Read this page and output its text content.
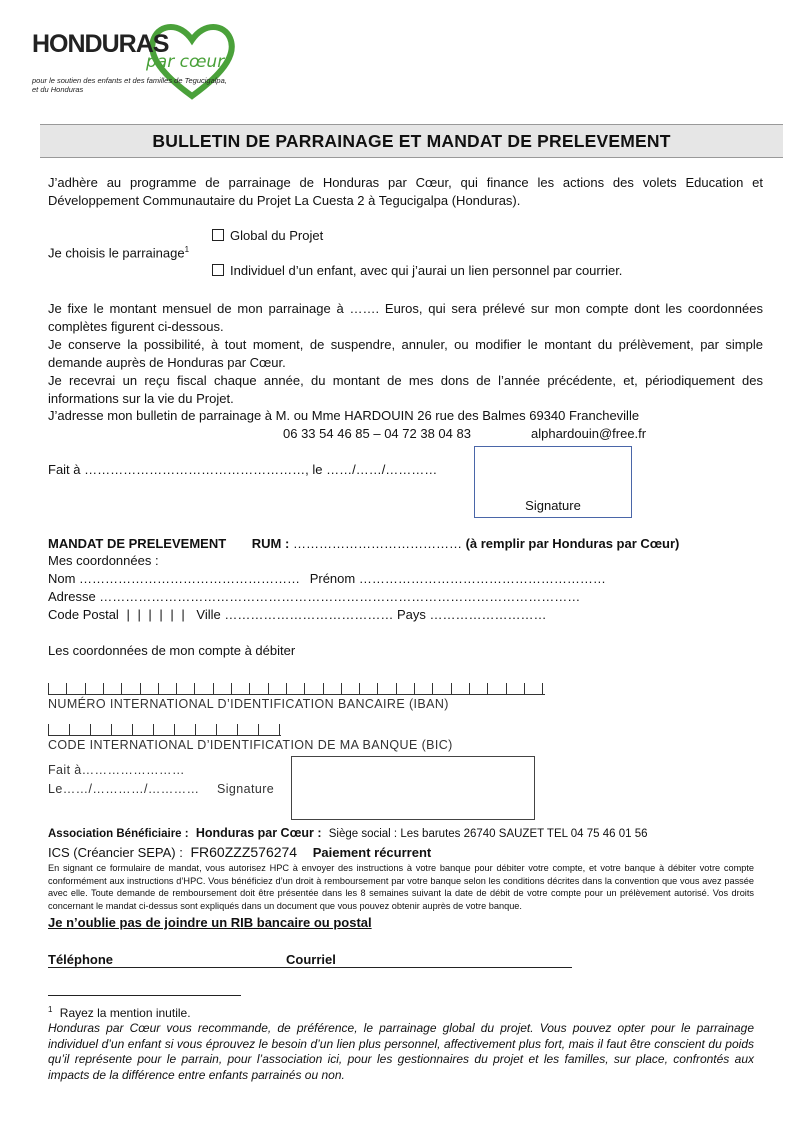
HONDURAS
par cœur
pour le soutien des enfants et des familles de Tegucigalpa, et du Honduras
BULLETIN DE PARRAINAGE ET MANDAT DE PRELEVEMENT
J’adhère au programme de parrainage de Honduras par Cœur, qui finance les actions des volets Education et Développement Communautaire du Projet La Cuesta 2 à Tegucigalpa (Honduras).
Je choisis le parrainage$^1$
Global du Projet
Individuel d’un enfant, avec qui j’aurai un lien personnel par courrier.
Je fixe le montant mensuel de mon parrainage à ……. Euros, qui sera prélevé sur mon compte dont les coordonnées complètes figurent ci-dessous.
Je conserve la possibilité, à tout moment, de suspendre, annuler, ou modifier le montant du prélèvement, par simple demande auprès de Honduras par Cœur.
Je recevrai un reçu fiscal chaque année, du montant de mes dons de l’année précédente, et, périodiquement des informations sur la vie du Projet.
J’adresse mon bulletin de parrainage à M. ou Mme HARDOUIN 26 rue des Balmes 69340 Francheville
06 33 54 46 85 – 04 72 38 04 83	alphardouin@free.fr
Fait à ……………………………………………, le ……/……/…………
Signature
MANDAT DE PRELEVEMENT RUM : ………………………………… (à remplir par Honduras par Cœur)
Mes coordonnées :
Nom …………………………………………… Prénom …………………………………………………
Adresse …………………………………………………………………………………………………
Code Postal | | | | | | Ville ………………………………… Pays ………………………
Les coordonnées de mon compte à débiter
NUMÉRO INTERNATIONAL D’IDENTIFICATION BANCAIRE (IBAN)
CODE INTERNATIONAL D’IDENTIFICATION DE MA BANQUE (BIC)
Fait à……………………
Le……/…………/………… Signature
Association Bénéficiaire : Honduras par Cœur : Siège social : Les barutes 26740 SAUZET TEL 04 75 46 01 56
ICS (Créancier SEPA) : FR60ZZZ576274 Paiement récurrent
En signant ce formulaire de mandat, vous autorisez HPC à envoyer des instructions à votre banque pour débiter votre compte, et votre banque à débiter votre compte conformément aux instructions d’HPC. Vous bénéficiez d’un droit à remboursement par votre banque selon les conditions décrites dans la convention que vous avez passée avec elle. Toute demande de remboursement doit être présentée dans les 8 semaines suivant la date de débit de votre compte pour un prélèvement autorisé. Vos droits concernant le mandat ci-dessus sont expliqués dans un document que vous pouvez obtenir auprès de votre banque.
Je n’oublie pas de joindre un RIB bancaire ou postal
Téléphone	Courriel
$^1$ Rayez la mention inutile.
Honduras par Cœur vous recommande, de préférence, le parrainage global du projet. Vous pouvez opter pour le parrainage individuel d’un enfant si vous éprouvez le besoin d’un lien plus personnel, affectivement plus fort, mais il faut être conscient du poids qu’il représente pour le parrain, pour l’association ici, pour les gestionnaires du projet et les familles, sur place, confrontés aux impacts de la différence entre enfants parrainés ou non.
